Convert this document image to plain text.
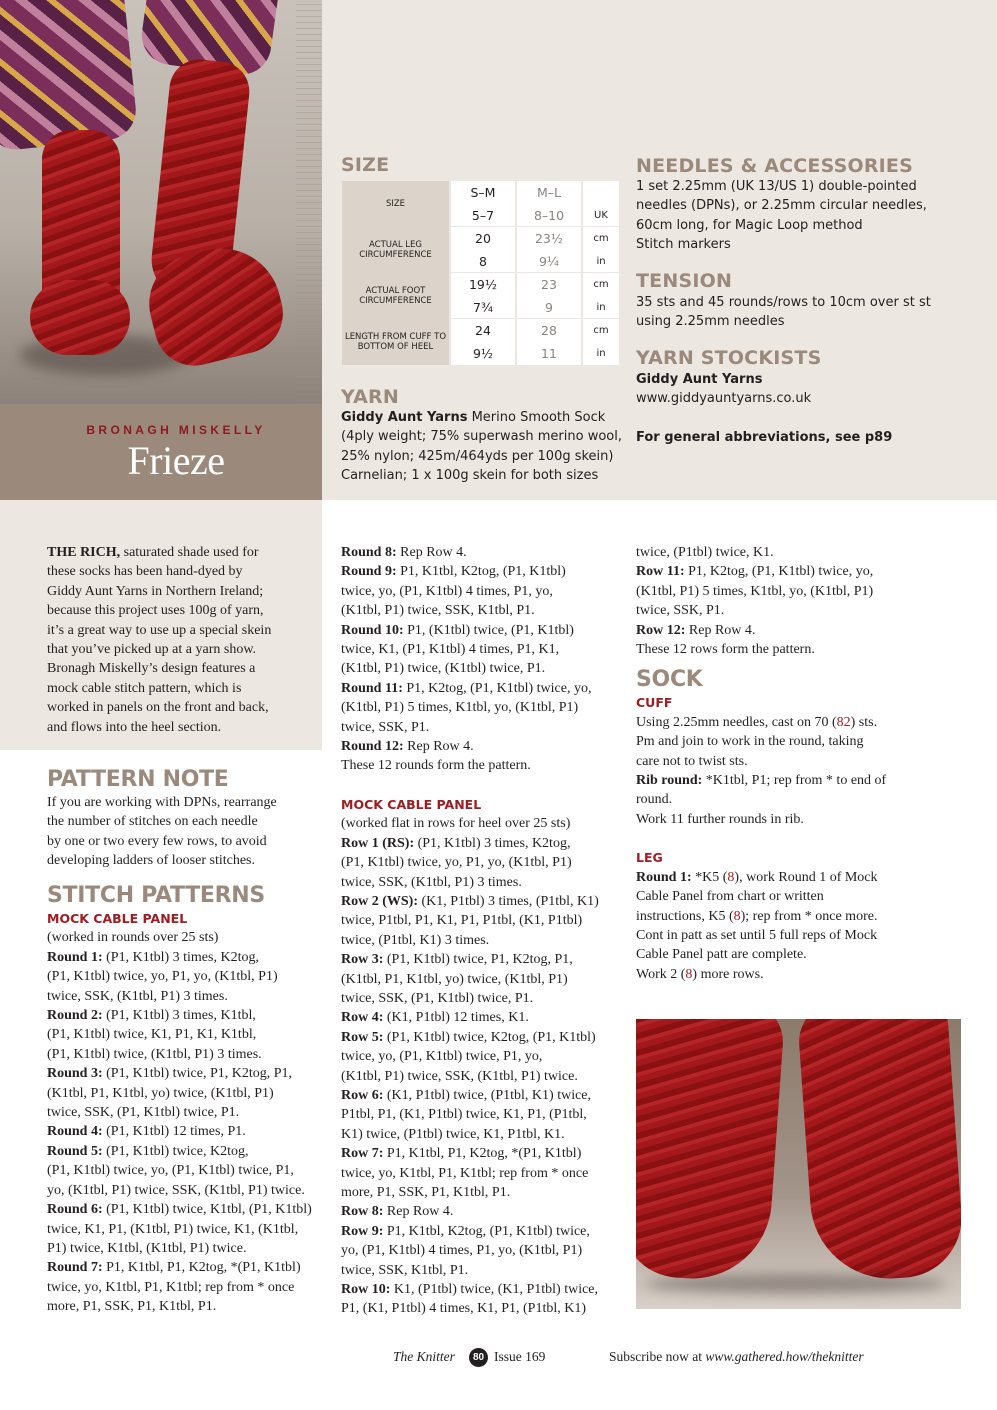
BRONAGH MISKELLY
Frieze
SIZE
SIZE	S–M	M–L	
	5–7	8–10	UK
ACTUAL LEG CIRCUMFERENCE	20	23½	cm
	8	9¼	in
ACTUAL FOOT CIRCUMFERENCE	19½	23	cm
	7¾	9	in
LENGTH FROM CUFF TO BOTTOM OF HEEL	24	28	cm
	9½	11	in
YARN

Giddy Aunt Yarns Merino Smooth Sock

(4ply weight; 75% superwash merino wool,

25% nylon; 425m/464yds per 100g skein)

Carnelian; 1 x 100g skein for both sizes

NEEDLES & ACCESSORIES

1 set 2.25mm (UK 13/US 1) double-pointed

needles (DPNs), or 2.25mm circular needles,

60cm long, for Magic Loop method

Stitch markers

TENSION

35 sts and 45 rounds/rows to 10cm over st st

using 2.25mm needles

YARN STOCKISTS

Giddy Aunt Yarns

www.giddyauntyarns.co.uk

For general abbreviations, see p89

THE RICH, saturated shade used for

these socks has been hand-dyed by

Giddy Aunt Yarns in Northern Ireland;

because this project uses 100g of yarn,

it’s a great way to use up a special skein

that you’ve picked up at a yarn show.

Bronagh Miskelly’s design features a

mock cable stitch pattern, which is

worked in panels on the front and back,

and flows into the heel section.

PATTERN NOTE

If you are working with DPNs, rearrange

the number of stitches on each needle

by one or two every few rows, to avoid

developing ladders of looser stitches.

STITCH PATTERNS

MOCK CABLE PANEL

(worked in rounds over 25 sts)

Round 1: (P1, K1tbl) 3 times, K2tog,

(P1, K1tbl) twice, yo, P1, yo, (K1tbl, P1)

twice, SSK, (K1tbl, P1) 3 times.

Round 2: (P1, K1tbl) 3 times, K1tbl,

(P1, K1tbl) twice, K1, P1, K1, K1tbl,

(P1, K1tbl) twice, (K1tbl, P1) 3 times.

Round 3: (P1, K1tbl) twice, P1, K2tog, P1,

(K1tbl, P1, K1tbl, yo) twice, (K1tbl, P1)

twice, SSK, (P1, K1tbl) twice, P1.

Round 4: (P1, K1tbl) 12 times, P1.

Round 5: (P1, K1tbl) twice, K2tog,

(P1, K1tbl) twice, yo, (P1, K1tbl) twice, P1,

yo, (K1tbl, P1) twice, SSK, (K1tbl, P1) twice.

Round 6: (P1, K1tbl) twice, K1tbl, (P1, K1tbl)

twice, K1, P1, (K1tbl, P1) twice, K1, (K1tbl,

P1) twice, K1tbl, (K1tbl, P1) twice.

Round 7: P1, K1tbl, P1, K2tog, *(P1, K1tbl)

twice, yo, K1tbl, P1, K1tbl; rep from * once

more, P1, SSK, P1, K1tbl, P1.

Round 8: Rep Row 4.

Round 9: P1, K1tbl, K2tog, (P1, K1tbl)

twice, yo, (P1, K1tbl) 4 times, P1, yo,

(K1tbl, P1) twice, SSK, K1tbl, P1.

Round 10: P1, (K1tbl) twice, (P1, K1tbl)

twice, K1, (P1, K1tbl) 4 times, P1, K1,

(K1tbl, P1) twice, (K1tbl) twice, P1.

Round 11: P1, K2tog, (P1, K1tbl) twice, yo,

(K1tbl, P1) 5 times, K1tbl, yo, (K1tbl, P1)

twice, SSK, P1.

Round 12: Rep Row 4.

These 12 rounds form the pattern.

MOCK CABLE PANEL

(worked flat in rows for heel over 25 sts)

Row 1 (RS): (P1, K1tbl) 3 times, K2tog,

(P1, K1tbl) twice, yo, P1, yo, (K1tbl, P1)

twice, SSK, (K1tbl, P1) 3 times.

Row 2 (WS): (K1, P1tbl) 3 times, (P1tbl, K1)

twice, P1tbl, P1, K1, P1, P1tbl, (K1, P1tbl)

twice, (P1tbl, K1) 3 times.

Row 3: (P1, K1tbl) twice, P1, K2tog, P1,

(K1tbl, P1, K1tbl, yo) twice, (K1tbl, P1)

twice, SSK, (P1, K1tbl) twice, P1.

Row 4: (K1, P1tbl) 12 times, K1.

Row 5: (P1, K1tbl) twice, K2tog, (P1, K1tbl)

twice, yo, (P1, K1tbl) twice, P1, yo,

(K1tbl, P1) twice, SSK, (K1tbl, P1) twice.

Row 6: (K1, P1tbl) twice, (P1tbl, K1) twice,

P1tbl, P1, (K1, P1tbl) twice, K1, P1, (P1tbl,

K1) twice, (P1tbl) twice, K1, P1tbl, K1.

Row 7: P1, K1tbl, P1, K2tog, *(P1, K1tbl)

twice, yo, K1tbl, P1, K1tbl; rep from * once

more, P1, SSK, P1, K1tbl, P1.

Row 8: Rep Row 4.

Row 9: P1, K1tbl, K2tog, (P1, K1tbl) twice,

yo, (P1, K1tbl) 4 times, P1, yo, (K1tbl, P1)

twice, SSK, K1tbl, P1.

Row 10: K1, (P1tbl) twice, (K1, P1tbl) twice,

P1, (K1, P1tbl) 4 times, K1, P1, (P1tbl, K1)

twice, (P1tbl) twice, K1.

Row 11: P1, K2tog, (P1, K1tbl) twice, yo,

(K1tbl, P1) 5 times, K1tbl, yo, (K1tbl, P1)

twice, SSK, P1.

Row 12: Rep Row 4.

These 12 rows form the pattern.

SOCK

CUFF

Using 2.25mm needles, cast on 70 (82) sts.

Pm and join to work in the round, taking

care not to twist sts.

Rib round: *K1tbl, P1; rep from * to end of

round.

Work 11 further rounds in rib.

LEG

Round 1: *K5 (8), work Round 1 of Mock

Cable Panel from chart or written

instructions, K5 (8); rep from * once more.

Cont in patt as set until 5 full reps of Mock

Cable Panel patt are complete.

Work 2 (8) more rows.

The Knitter	80 Issue 169	Subscribe now at www.gathered.how/theknitter
